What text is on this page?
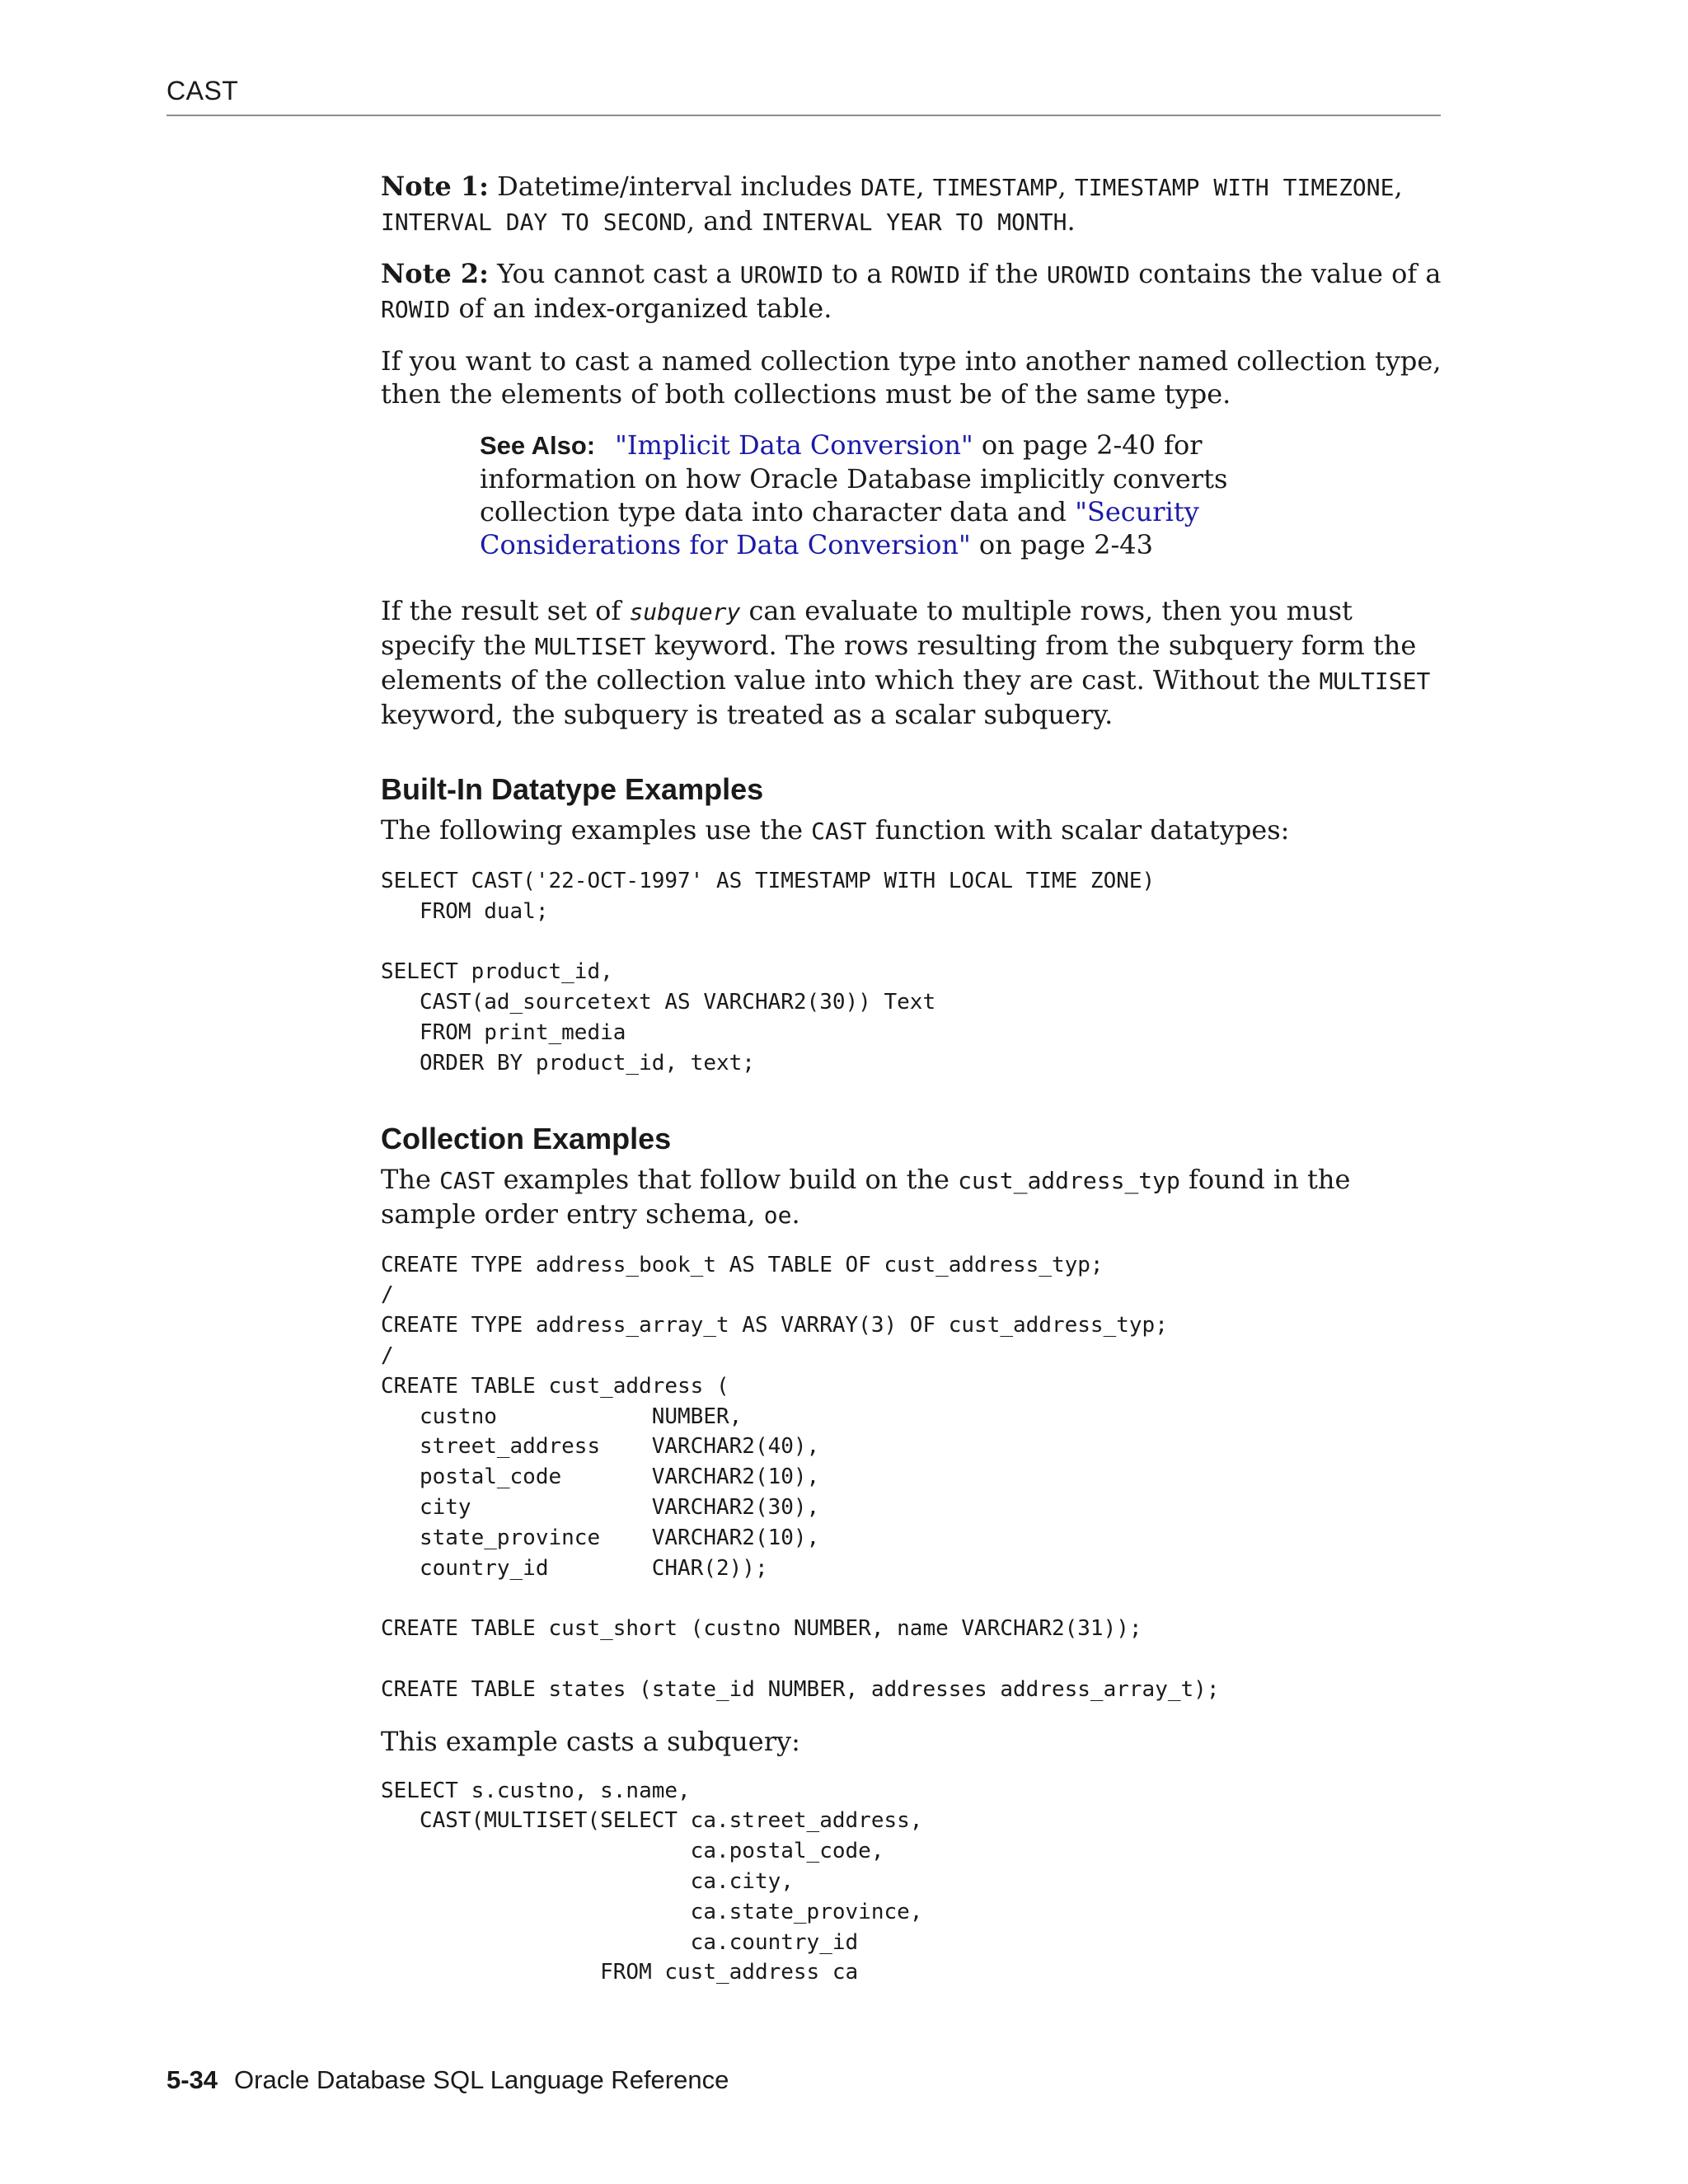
CAST

Note 1: Datetime/interval includes DATE, TIMESTAMP, TIMESTAMP WITH TIMEZONE, INTERVAL DAY TO SECOND, and INTERVAL YEAR TO MONTH.

Note 2: You cannot cast a UROWID to a ROWID if the UROWID contains the value of a ROWID of an index-organized table.

If you want to cast a named collection type into another named collection type, then the elements of both collections must be of the same type.

See Also: "Implicit Data Conversion" on page 2-40 for information on how Oracle Database implicitly converts collection type data into character data and "Security Considerations for Data Conversion" on page 2-43

If the result set of subquery can evaluate to multiple rows, then you must specify the MULTISET keyword. The rows resulting from the subquery form the elements of the collection value into which they are cast. Without the MULTISET keyword, the subquery is treated as a scalar subquery.

Built-In Datatype Examples

The following examples use the CAST function with scalar datatypes:

SELECT CAST('22-OCT-1997' AS TIMESTAMP WITH LOCAL TIME ZONE)
FROM dual;

SELECT product_id,
CAST(ad_sourcetext AS VARCHAR2(30)) Text
FROM print_media
ORDER BY product_id, text;
Collection Examples

The CAST examples that follow build on the cust_address_typ found in the sample order entry schema, oe.

CREATE TYPE address_book_t AS TABLE OF cust_address_typ;
/
CREATE TYPE address_array_t AS VARRAY(3) OF cust_address_typ;
/
CREATE TABLE cust_address (
custno            NUMBER,
street_address    VARCHAR2(40),
postal_code       VARCHAR2(10),
city              VARCHAR2(30),
state_province    VARCHAR2(10),
country_id        CHAR(2));

CREATE TABLE cust_short (custno NUMBER, name VARCHAR2(31));

CREATE TABLE states (state_id NUMBER, addresses address_array_t);

This example casts a subquery:

SELECT s.custno, s.name,
CAST(MULTISET(SELECT ca.street_address,
ca.postal_code,
ca.city,
ca.state_province,
ca.country_id
FROM cust_address ca
5-34 Oracle Database SQL Language Reference
